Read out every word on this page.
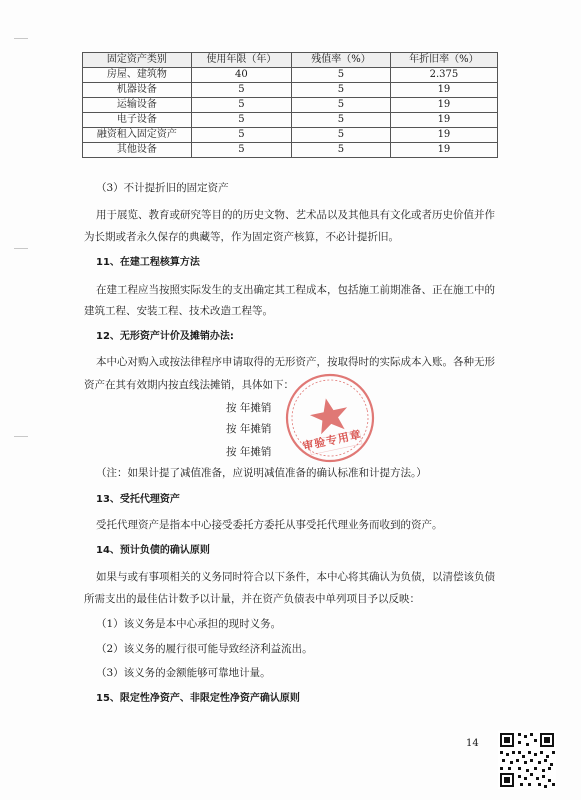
固定资产类别	使用年限（年）	残值率（%）	年折旧率（%）
房屋、建筑物	40	5	2.375
机器设备	5	5	19
运输设备	5	5	19
电子设备	5	5	19
融资租入固定资产	5	5	19
其他设备	5	5	19
（3）不计提折旧的固定资产
用于展览、教育或研究等目的的历史文物、艺术品以及其他具有文化或者历史价值并作
为长期或者永久保存的典藏等，作为固定资产核算，不必计提折旧。
11、在建工程核算方法
在建工程应当按照实际发生的支出确定其工程成本，包括施工前期准备、正在施工中的
建筑工程、安装工程、技术改造工程等。
12、无形资产计价及摊销办法:
本中心对购入或按法律程序申请取得的无形资产，按取得时的实际成本入账。各种无形
资产在其有效期内按直线法摊销，具体如下：
按 年摊销
按 年摊销
按 年摊销	审验专用章
（注：如果计提了减值准备，应说明减值准备的确认标准和计提方法。）
13、受托代理资产
受托代理资产是指本中心接受委托方委托从事受托代理业务而收到的资产。
14、预计负债的确认原则
如果与或有事项相关的义务同时符合以下条件，本中心将其确认为负债，以清偿该负债
所需支出的最佳估计数予以计量，并在资产负债表中单列项目予以反映：
（1）该义务是本中心承担的现时义务。
（2）该义务的履行很可能导致经济利益流出。
（3）该义务的金额能够可靠地计量。
15、限定性净资产、非限定性净资产确认原则
14
